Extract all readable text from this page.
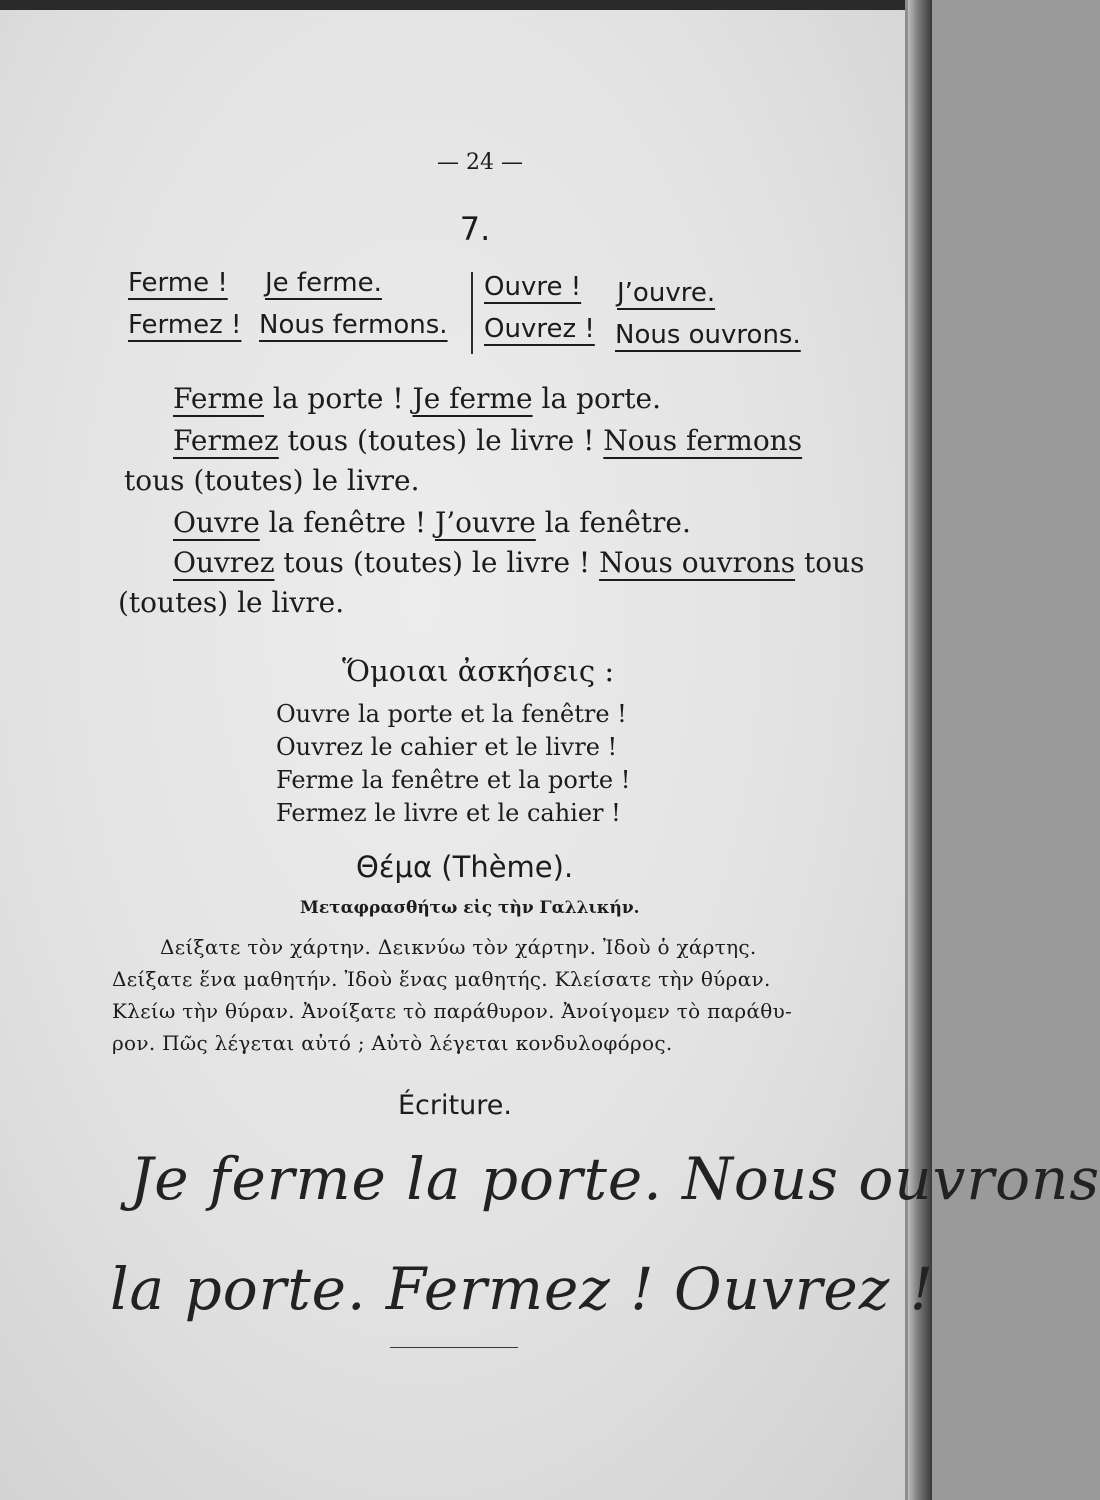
— 24 —
7.
Ferme ! Je ferme.
Fermez ! Nous fermons.
Ouvre ! J’ouvre.
Ouvrez ! Nous ouvrons.
Ferme la porte ! Je ferme la porte.
Fermez tous (toutes) le livre ! Nous fermons
tous (toutes) le livre.
Ouvre la fenêtre ! J’ouvre la fenêtre.
Ouvrez tous (toutes) le livre ! Nous ouvrons tous
(toutes) le livre.
Ὅμοιαι ἀσκήσεις :
Ouvre la porte et la fenêtre !
Ouvrez le cahier et le livre !
Ferme la fenêtre et la porte !
Fermez le livre et le cahier !
Θέμα (Thème).
Μεταφρασθήτω εἰς τὴν Γαλλικήν.
Δείξατε τὸν χάρτην. Δεικνύω τὸν χάρτην. Ἰδοὺ ὁ χάρτης.
Δείξατε ἕνα μαθητήν. Ἰδοὺ ἕνας μαθητής. Κλείσατε τὴν θύραν.
Κλείω τὴν θύραν. Ἀνοίξατε τὸ παράθυρον. Ἀνοίγομεν τὸ παράθυ-
ρον. Πῶς λέγεται αὐτό ; Αὐτὸ λέγεται κονδυλοφόρος.
Écriture.
Je ferme la porte. Nous ouvrons
la porte. Fermez ! Ouvrez !
